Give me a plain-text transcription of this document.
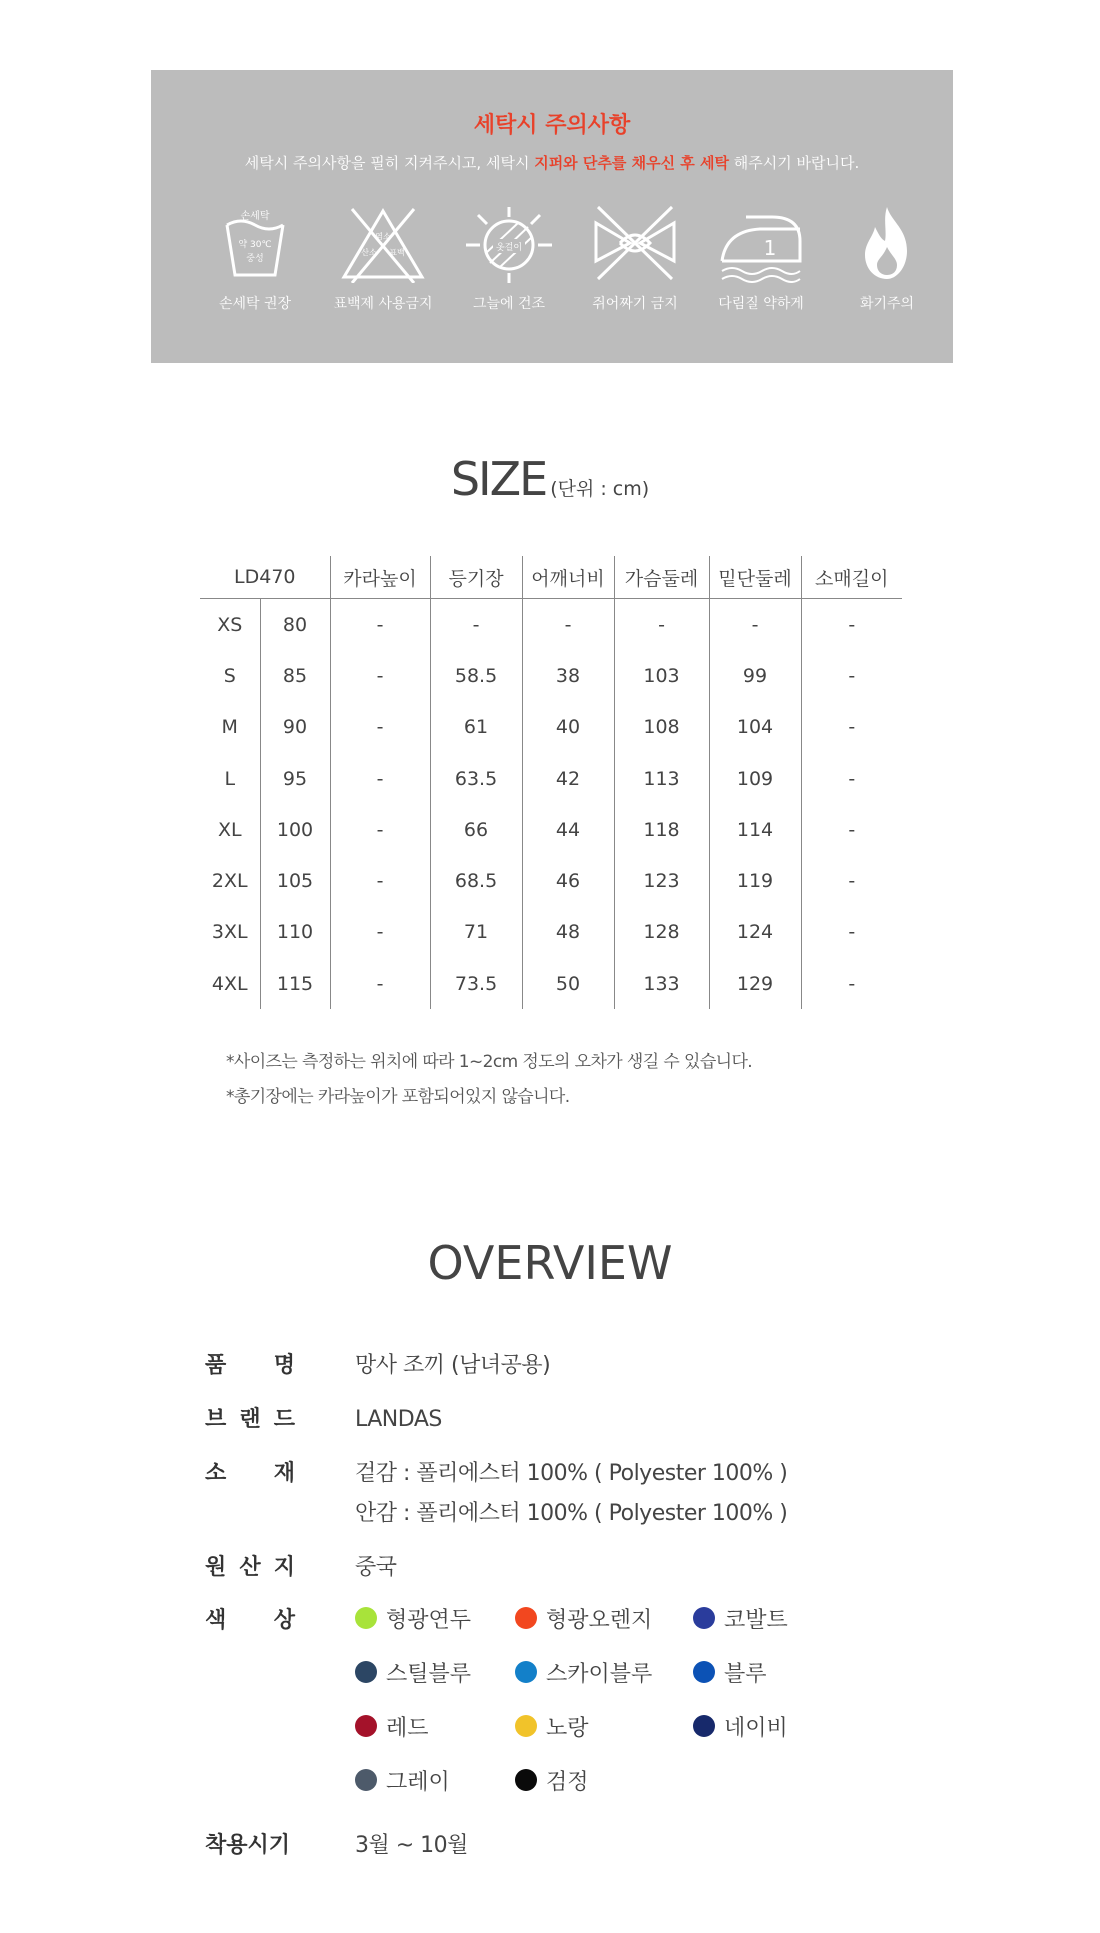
세탁시 주의사항
세탁시 주의사항을 필히 지켜주시고, 세탁시 지퍼와 단추를 채우신 후 세탁 해주시기 바랍니다.
손세탁
약 30℃
중성
손세탁 권장
염소
산소 표백
표백제 사용금지
옷걸이
그늘에 건조	쥐어짜기 금지
1
다림질 약하게	화기주의
SIZE (단위 : cm)
LD470		카라높이	등기장	어깨너비	가슴둘레	밑단둘레	소매길이
XS	80	-	-	-	-	-	-
S	85	-	58.5	38	103	99	-
M	90	-	61	40	108	104	-
L	95	-	63.5	42	113	109	-
XL	100	-	66	44	118	114	-
2XL	105	-	68.5	46	123	119	-
3XL	110	-	71	48	128	124	-
4XL	115	-	73.5	50	133	129	-
*사이즈는 측정하는 위치에 따라 1~2cm 정도의 오차가 생길 수 있습니다.
*총기장에는 카라높이가 포함되어있지 않습니다.
OVERVIEW
품 명	망사 조끼 (남녀공용)
브 랜 드	LANDAS
소 재	겉감 : 폴리에스터 100% ( Polyester 100% )
안감 : 폴리에스터 100% ( Polyester 100% )
원 산 지	중국
색 상	형광연두	형광오렌지	코발트
스틸블루	스카이블루	블루
레드	노랑	네이비
그레이	검정
착용시기	3월 ~ 10월
